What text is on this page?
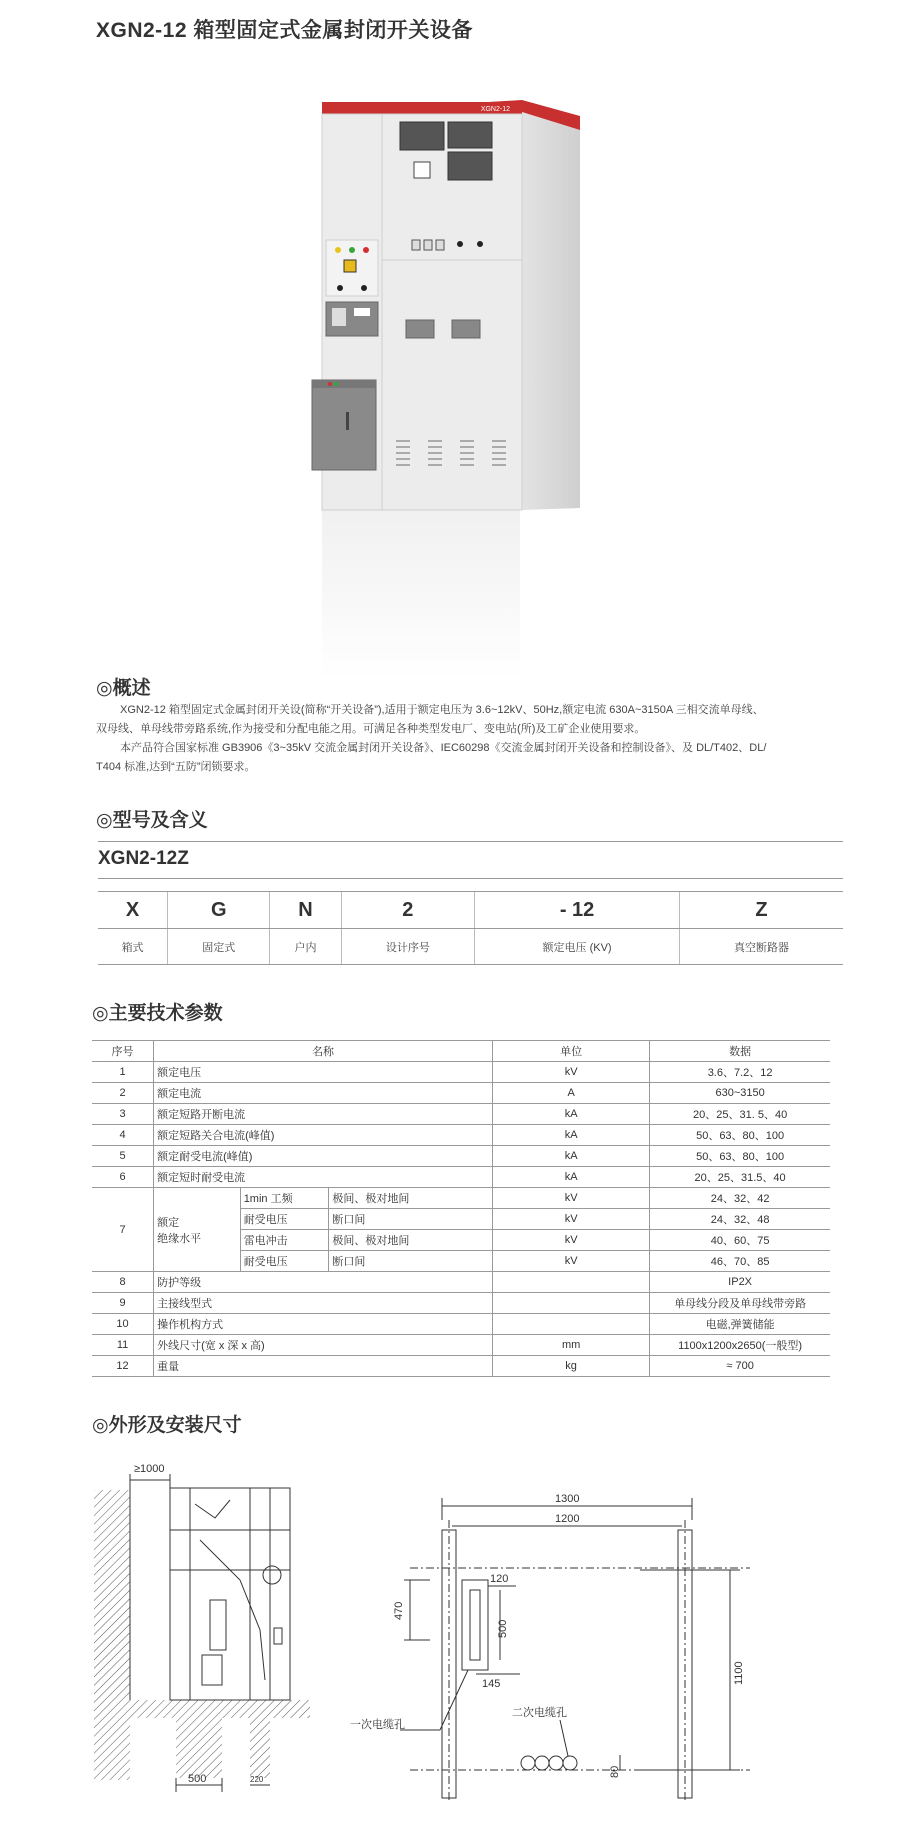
XGN2-12 箱型固定式金属封闭开关设备
XGN2-12
◎概述
XGN2-12 箱型固定式金属封闭开关设(简称“开关设备”),适用于额定电压为 3.6~12kV、50Hz,额定电流 630A~3150A 三相交流单母线、
双母线、单母线带旁路系统,作为接受和分配电能之用。可满足各种类型发电厂、变电站(所)及工矿企业使用要求。
本产品符合国家标准 GB3906《3~35kV 交流金属封闭开关设备》、IEC60298《交流金属封闭开关设备和控制设备》、及 DL/T402、DL/
T404 标准,达到“五防”闭锁要求。
◎型号及含义
XGN2-12Z
X	G	N	2	- 12	Z
箱式	固定式	户内	设计序号	额定电压 (KV)	真空断路器
◎主要技术参数
序号	名称			单位	数据
1	额定电压			kV	3.6、7.2、12
2	额定电流			A	630~3150
3	额定短路开断电流			kA	20、25、31. 5、40
4	额定短路关合电流(峰值)			kA	50、63、80、100
5	额定耐受电流(峰值)			kA	50、63、80、100
6	额定短时耐受电流			kA	20、25、31.5、40
7	额定
绝缘水平	1min 工频	极间、极对地间	kV	24、32、42
		耐受电压	断口间	kV	24、32、48
		雷电冲击	极间、极对地间	kV	40、60、75
		耐受电压	断口间	kV	46、70、85
8	防护等级				IP2X
9	主接线型式				单母线分段及单母线带旁路
10	操作机构方式				电磁,弹簧储能
11	外线尺寸(宽 x 深 x 高)			mm	1100x1200x2650(一般型)
12	重量			kg	≈ 700
◎外形及安装尺寸
≥1000
500	220
1300
1200
470
120
500
145	1100
80
二次电缆孔
一次电缆孔
